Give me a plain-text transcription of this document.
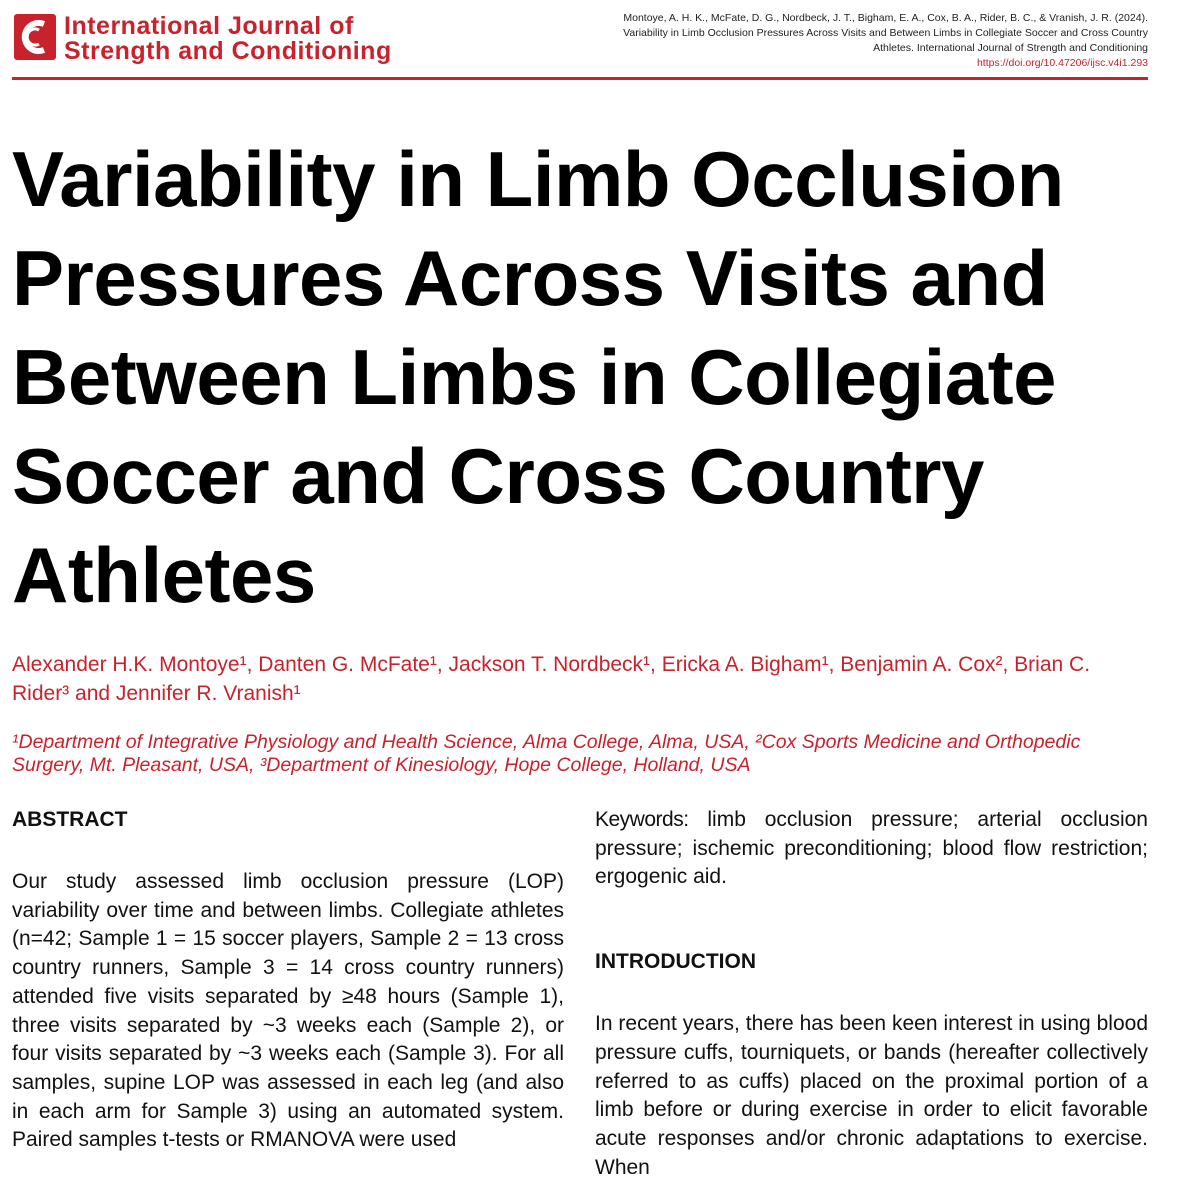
International Journal of
Strength and Conditioning
Montoye, A. H. K., McFate, D. G., Nordbeck, J. T., Bigham, E. A., Cox, B. A., Rider, B. C., & Vranish, J. R. (2024). Variability in Limb Occlusion Pressures Across Visits and Between Limbs in Collegiate Soccer and Cross Country Athletes. International Journal of Strength and Conditioning
https://doi.org/10.47206/ijsc.v4i1.293
Variability in Limb Occlusion
Pressures Across Visits and
Between Limbs in Collegiate
Soccer and Cross Country
Athletes
Alexander H.K. Montoye¹, Danten G. McFate¹, Jackson T. Nordbeck¹, Ericka A. Bigham¹, Benjamin A. Cox², Brian C. Rider³ and Jennifer R. Vranish¹
¹Department of Integrative Physiology and Health Science, Alma College, Alma, USA, ²Cox Sports Medicine and Orthopedic Surgery, Mt. Pleasant, USA, ³Department of Kinesiology, Hope College, Holland, USA
ABSTRACT

Our study assessed limb occlusion pressure (LOP) variability over time and between limbs. Collegiate athletes (n=42; Sample 1 = 15 soccer players, Sample 2 = 13 cross country runners, Sample 3 = 14 cross country runners) attended five visits separated by ≥48 hours (Sample 1), three visits separated by ~3 weeks each (Sample 2), or four visits separated by ~3 weeks each (Sample 3). For all samples, supine LOP was assessed in each leg (and also in each arm for Sample 3) using an automated system. Paired samples t-tests or RMANOVA were used

Keywords: limb occlusion pressure; arterial occlusion pressure; ischemic preconditioning; blood flow restriction; ergogenic aid.

INTRODUCTION

In recent years, there has been keen interest in using blood pressure cuffs, tourniquets, or bands (hereafter collectively referred to as cuffs) placed on the proximal portion of a limb before or during exercise in order to elicit favorable acute responses and/or chronic adaptations to exercise. When
